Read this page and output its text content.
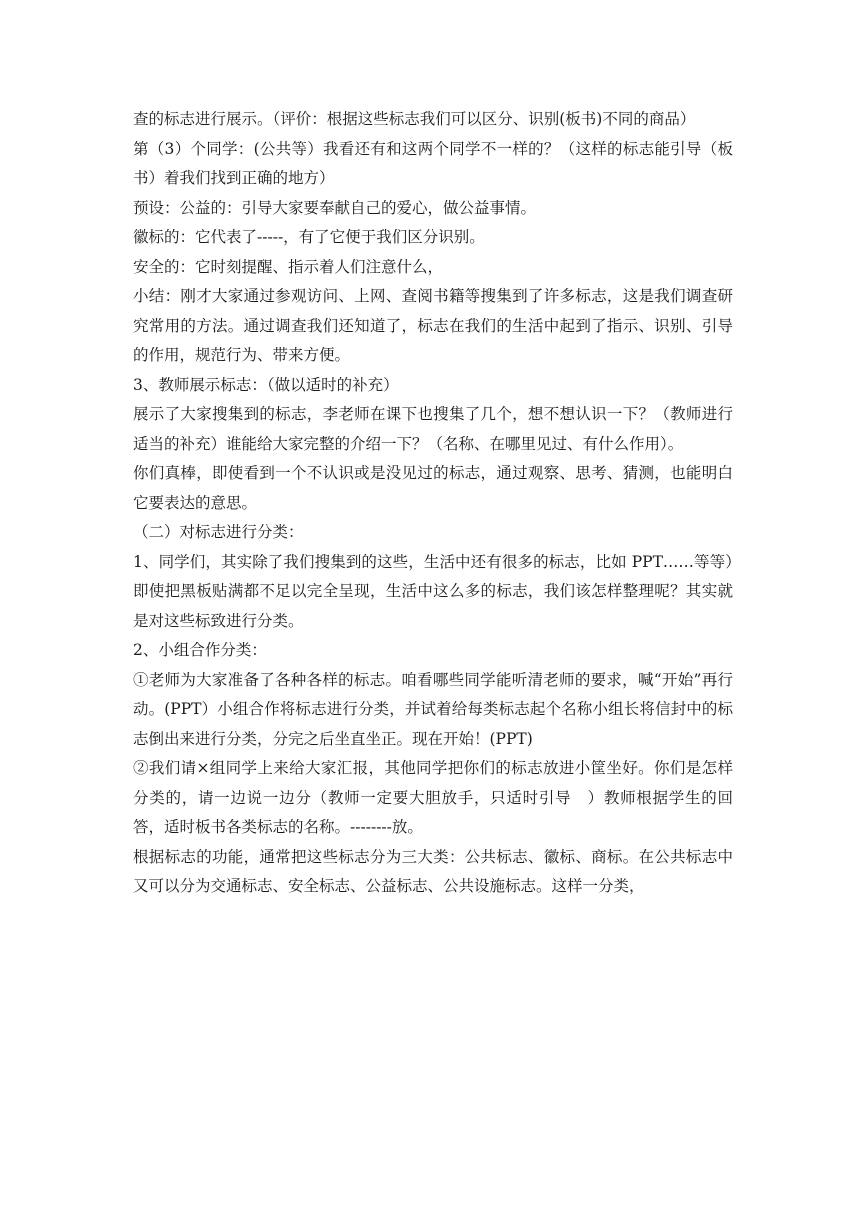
查的标志进行展示。（评价：根据这些标志我们可以区分、识别(板书)不同的商品）

第（3）个同学：(公共等）我看还有和这两个同学不一样的？（这样的标志能引导（板书）着我们找到正确的地方）

预设：公益的：引导大家要奉献自己的爱心，做公益事情。

徽标的：它代表了-----，有了它便于我们区分识别。

安全的：它时刻提醒、指示着人们注意什么，

小结：刚才大家通过参观访问、上网、查阅书籍等搜集到了许多标志，这是我们调查研究常用的方法。通过调查我们还知道了，标志在我们的生活中起到了指示、识别、引导的作用，规范行为、带来方便。

3、教师展示标志：（做以适时的补充）

展示了大家搜集到的标志，李老师在课下也搜集了几个，想不想认识一下？（教师进行适当的补充）谁能给大家完整的介绍一下？（名称、在哪里见过、有什么作用）。

你们真棒，即使看到一个不认识或是没见过的标志，通过观察、思考、猜测，也能明白它要表达的意思。

（二）对标志进行分类：

1、同学们，其实除了我们搜集到的这些，生活中还有很多的标志，比如 PPT……等等）即使把黑板贴满都不足以完全呈现，生活中这么多的标志，我们该怎样整理呢？其实就是对这些标致进行分类。

2、小组合作分类：

①老师为大家准备了各种各样的标志。咱看哪些同学能听清老师的要求，喊“开始”再行动。(PPT）小组合作将标志进行分类，并试着给每类标志起个名称小组长将信封中的标志倒出来进行分类，分完之后坐直坐正。现在开始！(PPT)

②我们请×组同学上来给大家汇报，其他同学把你们的标志放进小筐坐好。你们是怎样分类的，请一边说一边分（教师一定要大胆放手，只适时引导　）教师根据学生的回答，适时板书各类标志的名称。--------放。

根据标志的功能，通常把这些标志分为三大类：公共标志、徽标、商标。在公共标志中又可以分为交通标志、安全标志、公益标志、公共设施标志。这样一分类，
